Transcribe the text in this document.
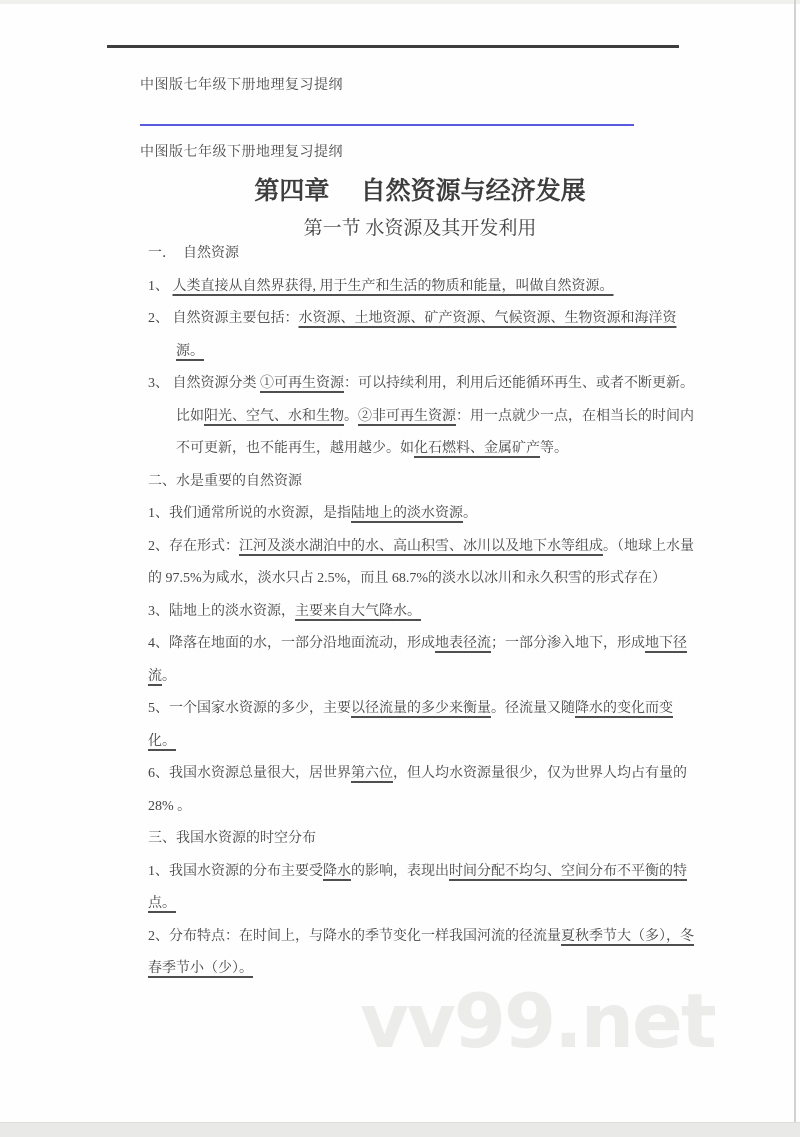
中图版七年级下册地理复习提纲
中图版七年级下册地理复习提纲
第四章　 自然资源与经济发展
第一节 水资源及其开发利用
一．　自然资源
1、 人类直接从自然界获得, 用于生产和生活的物质和能量，叫做自然资源。
2、 自然资源主要包括：水资源、土地资源、矿产资源、气候资源、生物资源和海洋资源。
3、 自然资源分类 ①可再生资源：可以持续利用，利用后还能循环再生、或者不断更新。比如阳光、空气、水和生物。②非可再生资源：用一点就少一点，在相当长的时间内不可更新，也不能再生，越用越少。如化石燃料、金属矿产等。
二、水是重要的自然资源
1、我们通常所说的水资源，是指陆地上的淡水资源。
2、存在形式：江河及淡水湖泊中的水、高山积雪、冰川以及地下水等组成。（地球上水量的 97.5%为咸水，淡水只占 2.5%，而且 68.7%的淡水以冰川和永久积雪的形式存在）
3、陆地上的淡水资源，主要来自大气降水。
4、降落在地面的水，一部分沿地面流动，形成地表径流；一部分渗入地下，形成地下径流。
5、一个国家水资源的多少，主要以径流量的多少来衡量。径流量又随降水的变化而变化。
6、我国水资源总量很大，居世界第六位，但人均水资源量很少，仅为世界人均占有量的 28% 。
三、我国水资源的时空分布
1、我国水资源的分布主要受降水的影响，表现出时间分配不均匀、空间分布不平衡的特点。
2、分布特点：在时间上，与降水的季节变化一样我国河流的径流量夏秋季节大（多），冬春季节小（少）。
vv99.net
